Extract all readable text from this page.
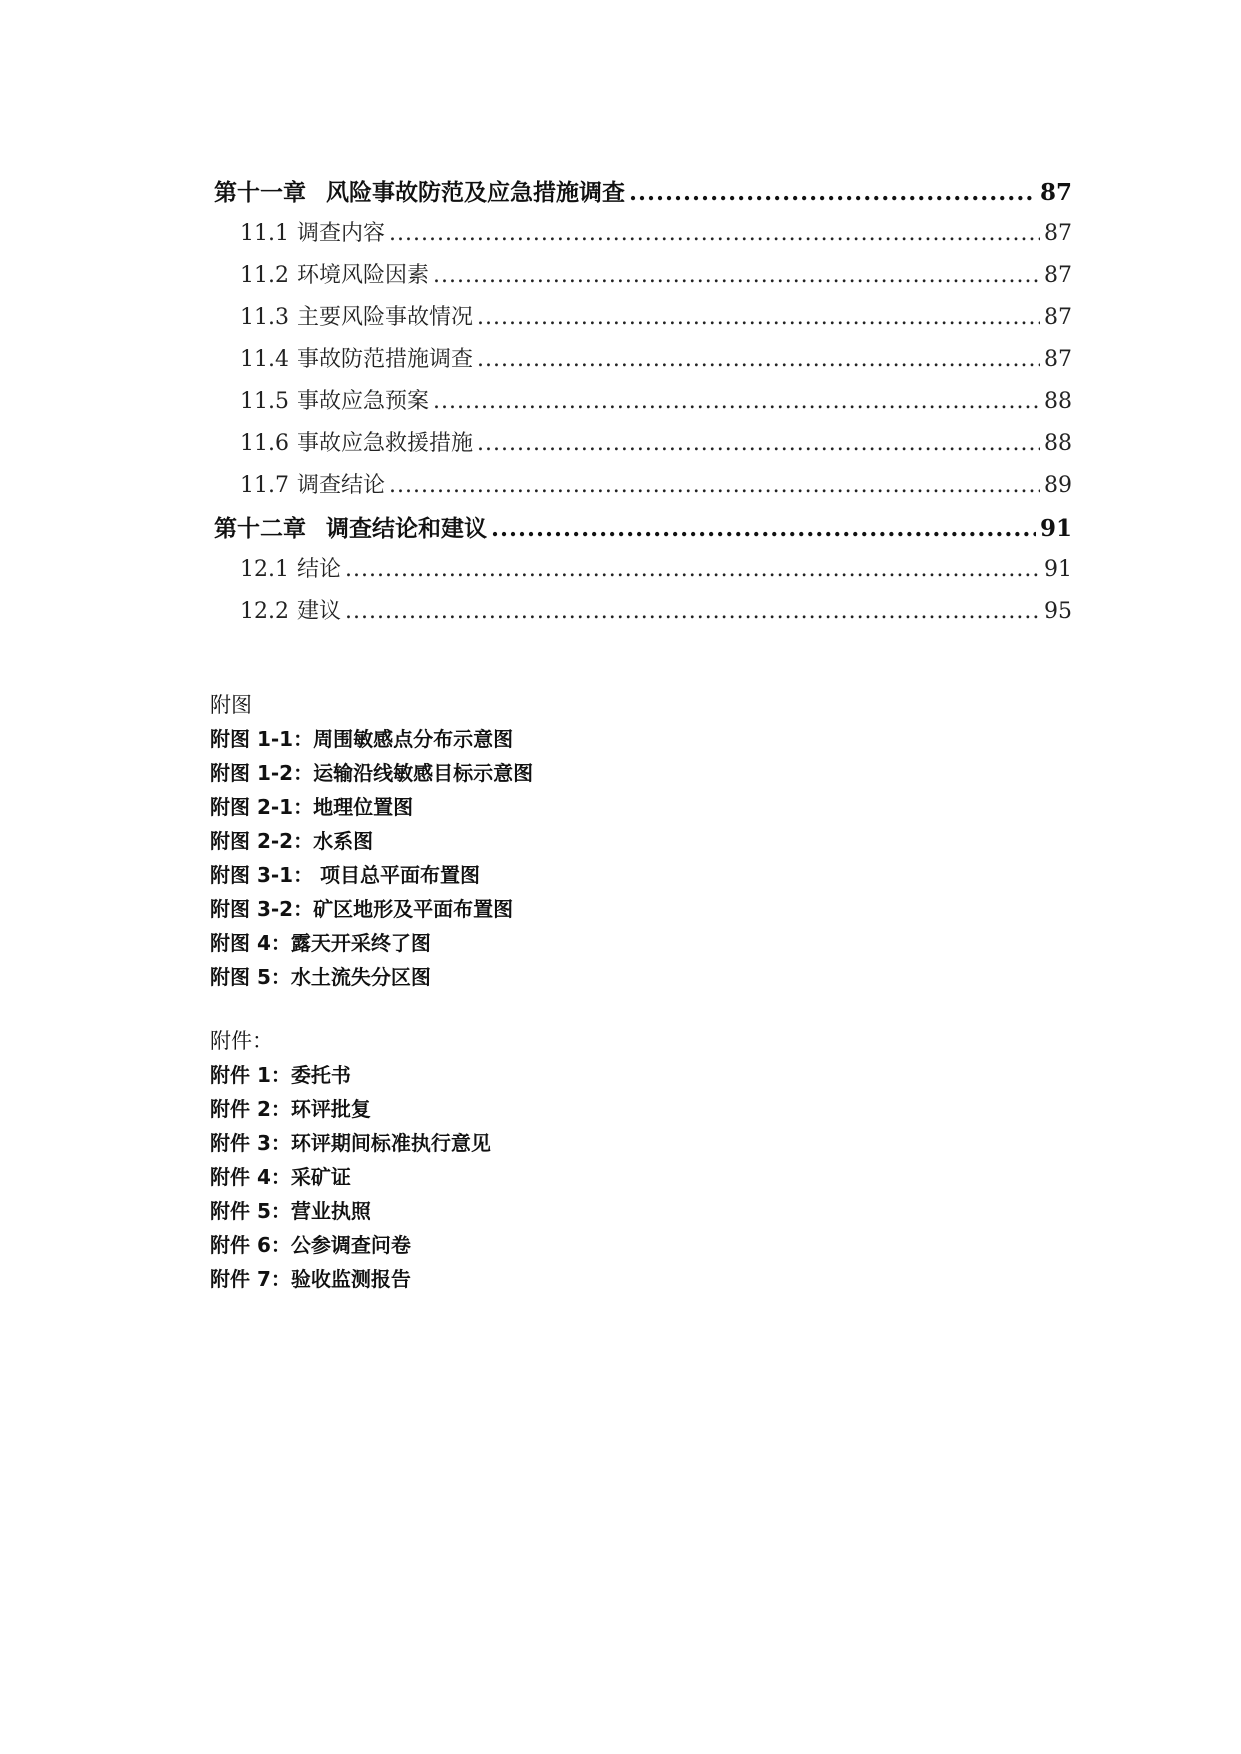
第十一章 风险事故防范及应急措施调查 .....	87
11.1 调查内容 .....	87
11.2 环境风险因素 .....	87
11.3 主要风险事故情况 .....	87
11.4 事故防范措施调查 .....	87
11.5 事故应急预案 .....	88
11.6 事故应急救援措施 .....	88
11.7 调查结论 .....	89
第十二章 调查结论和建议 .....	91
12.1 结论 .....	91
12.2 建议 .....	95
附图
附图 1-1：周围敏感点分布示意图
附图 1-2：运输沿线敏感目标示意图
附图 2-1：地理位置图
附图 2-2：水系图
附图 3-1： 项目总平面布置图
附图 3-2：矿区地形及平面布置图
附图 4：露天开采终了图
附图 5：水土流失分区图
附件：
附件 1：委托书
附件 2：环评批复
附件 3：环评期间标准执行意见
附件 4：采矿证
附件 5：营业执照
附件 6：公参调查问卷
附件 7：验收监测报告
